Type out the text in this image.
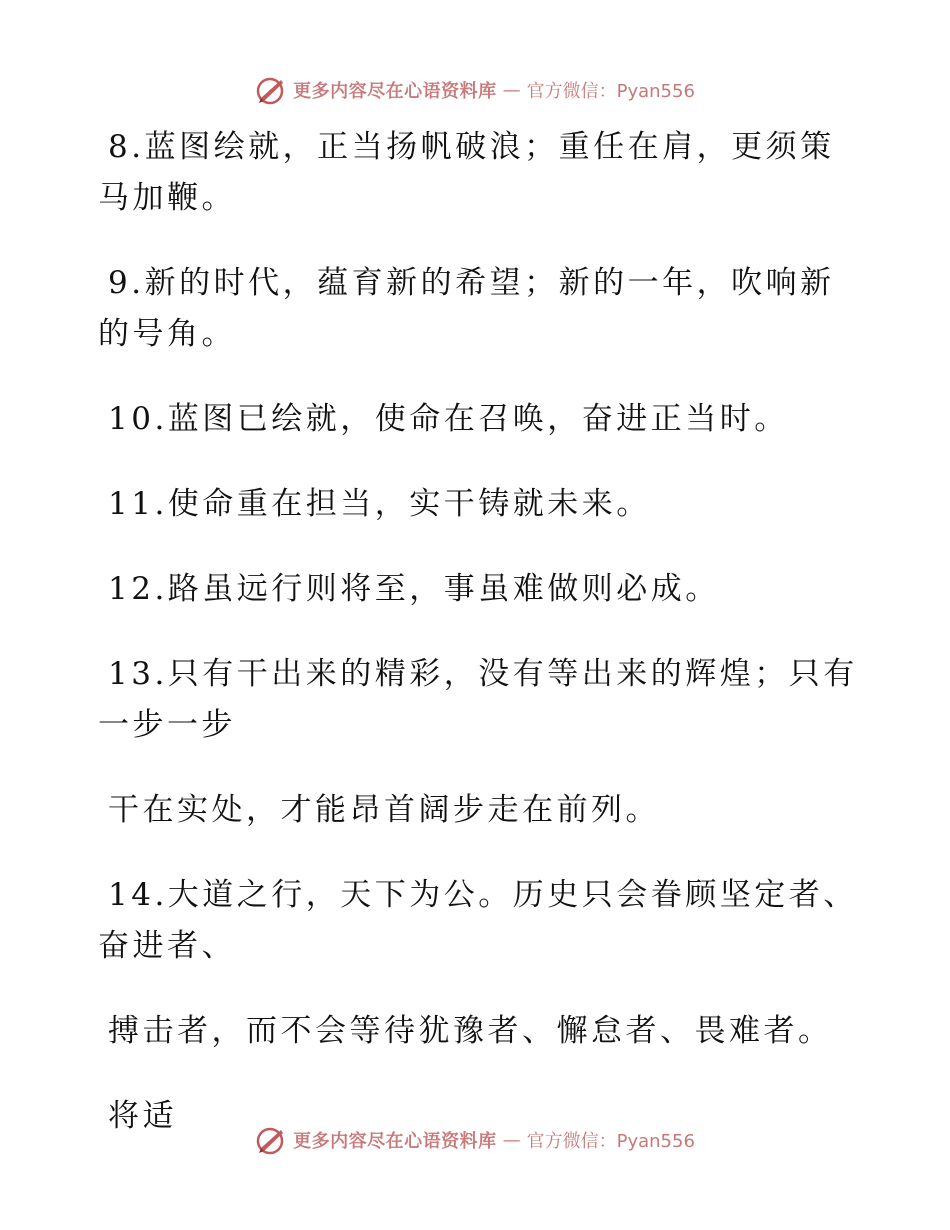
更多内容尽在心语资料库 — 官方微信：Pyan556
8.蓝图绘就，正当扬帆破浪；重任在肩，更须策
马加鞭。
9.新的时代，蕴育新的希望；新的一年，吹响新
的号角。
10.蓝图已绘就，使命在召唤，奋进正当时。
11.使命重在担当，实干铸就未来。
12.路虽远行则将至，事虽难做则必成。
13.只有干出来的精彩，没有等出来的辉煌；只有
一步一步
干在实处，才能昂首阔步走在前列。
14.大道之行，天下为公。历史只会眷顾坚定者、
奋进者、
搏击者，而不会等待犹豫者、懈怠者、畏难者。
将适
更多内容尽在心语资料库 — 官方微信：Pyan556
